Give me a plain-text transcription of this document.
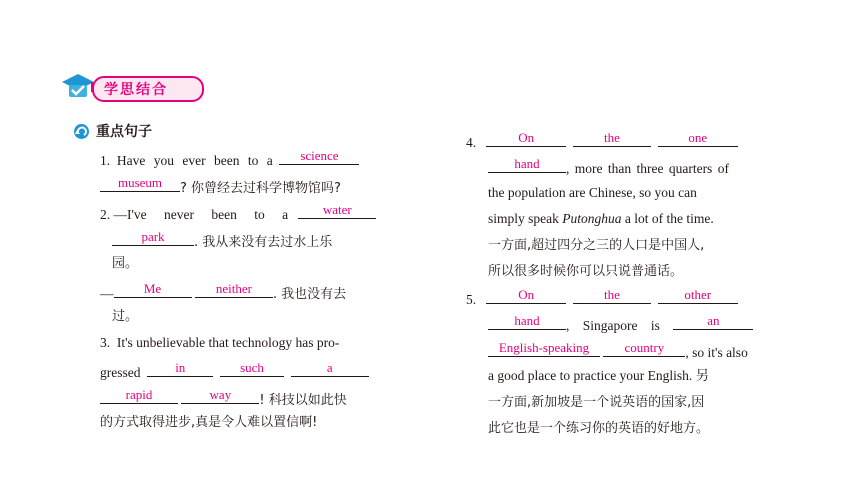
学思结合
重点句子
1. Have you ever been to a	science
museum	? 你曾经去过科学博物馆吗?
2. —I've never been to a	water
park	. 我从来没有去过水上乐
园。
—	Me
	neither	. 我也没有去
过。
3. It's unbelievable that technology has pro-
gressed	in
	such
	a
rapid
	way	! 科技以如此快
的方式取得进步,真是令人难以置信啊!
4.	On
	the
	one
hand	, more than three quarters of
the population are Chinese, so you can
simply speak Putonghua a lot of the time.
一方面,超过四分之三的人口是中国人,
所以很多时候你可以只说普通话。
5.	On
	the
	other
hand	, Singapore is	an
English-speaking
	country	, so it's also
a good place to practice your English. 另
一方面,新加坡是一个说英语的国家,因
此它也是一个练习你的英语的好地方。
